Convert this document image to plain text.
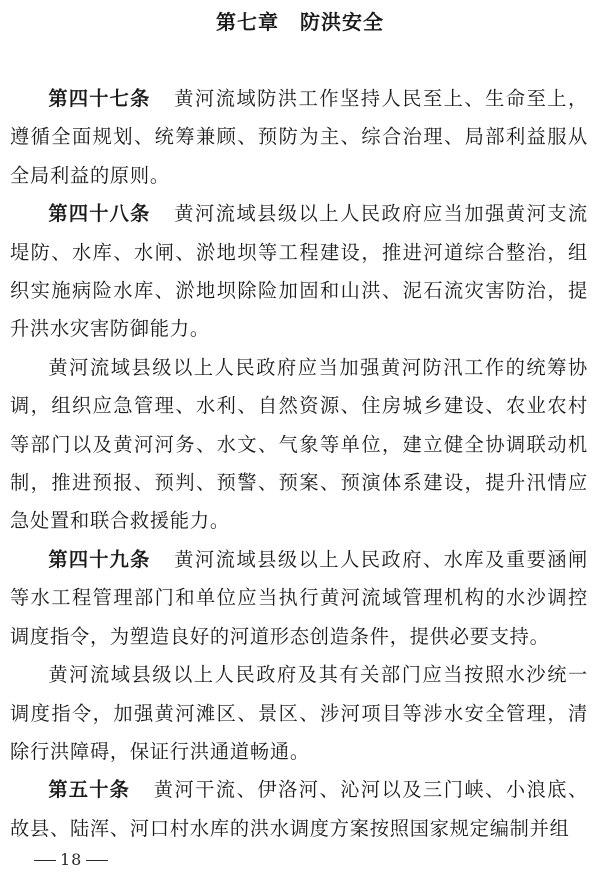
第七章　防洪安全

第四十七条 黄河流域防洪工作坚持人民至上、生命至上，遵循全面规划、统筹兼顾、预防为主、综合治理、局部利益服从全局利益的原则。

第四十八条 黄河流域县级以上人民政府应当加强黄河支流堤防、水库、水闸、淤地坝等工程建设，推进河道综合整治，组织实施病险水库、淤地坝除险加固和山洪、泥石流灾害防治，提升洪水灾害防御能力。

黄河流域县级以上人民政府应当加强黄河防汛工作的统筹协调，组织应急管理、水利、自然资源、住房城乡建设、农业农村等部门以及黄河河务、水文、气象等单位，建立健全协调联动机制，推进预报、预判、预警、预案、预演体系建设，提升汛情应急处置和联合救援能力。

第四十九条 黄河流域县级以上人民政府、水库及重要涵闸等水工程管理部门和单位应当执行黄河流域管理机构的水沙调控调度指令，为塑造良好的河道形态创造条件，提供必要支持。

黄河流域县级以上人民政府及其有关部门应当按照水沙统一调度指令，加强黄河滩区、景区、涉河项目等涉水安全管理，清除行洪障碍，保证行洪通道畅通。

第五十条 黄河干流、伊洛河、沁河以及三门峡、小浪底、故县、陆浑、河口村水库的洪水调度方案按照国家规定编制并组

18
